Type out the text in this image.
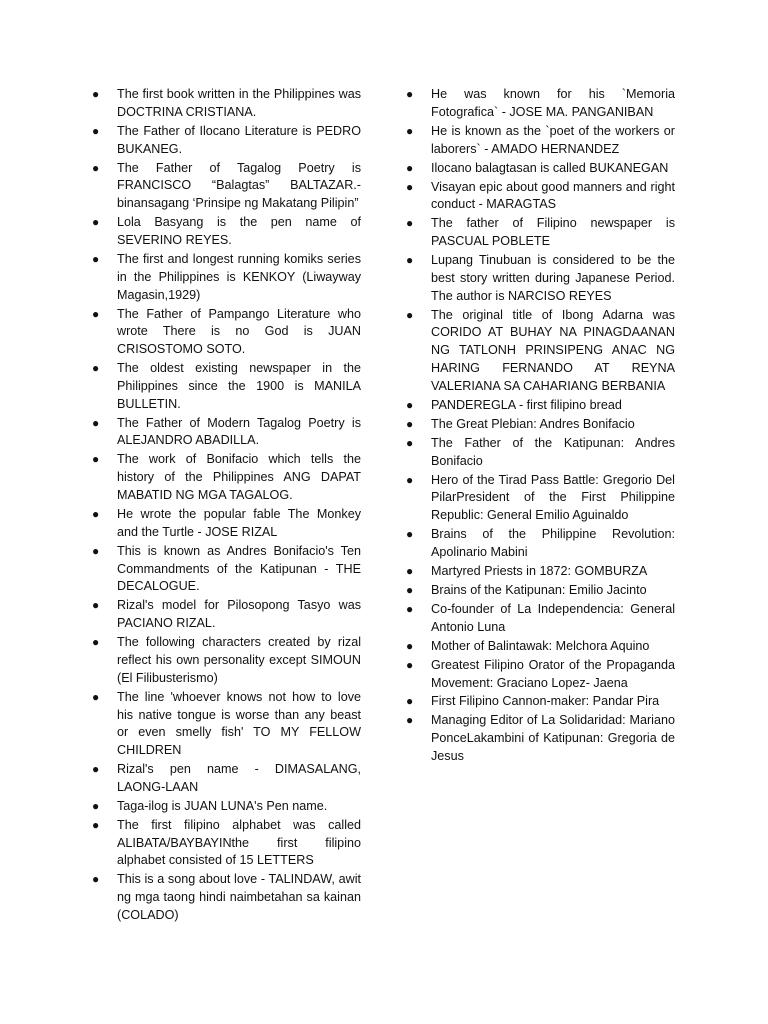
● The first book written in the Philippines was DOCTRINA CRISTIANA.
● The Father of Ilocano Literature is PEDRO BUKANEG.
● The Father of Tagalog Poetry is FRANCISCO “Balagtas” BALTAZAR.- binansagang ‘Prinsipe ng Makatang Pilipin”
● Lola Basyang is the pen name of SEVERINO REYES.
● The first and longest running komiks series in the Philippines is KENKOY (Liwayway Magasin,1929)
● The Father of Pampango Literature who wrote There is no God is JUAN CRISOSTOMO SOTO.
● The oldest existing newspaper in the Philippines since the 1900 is MANILA BULLETIN.
● The Father of Modern Tagalog Poetry is ALEJANDRO ABADILLA.
● The work of Bonifacio which tells the history of the Philippines ANG DAPAT MABATID NG MGA TAGALOG.
● He wrote the popular fable The Monkey and the Turtle - JOSE RIZAL
● This is known as Andres Bonifacio's Ten Commandments of the Katipunan - THE DECALOGUE.
● Rizal's model for Pilosopong Tasyo was PACIANO RIZAL.
● The following characters created by rizal reflect his own personality except SIMOUN (El Filibusterismo)
● The line 'whoever knows not how to love his native tongue is worse than any beast or even smelly fish' TO MY FELLOW CHILDREN
● Rizal's pen name - DIMASALANG, LAONG-LAAN
● Taga-ilog is JUAN LUNA's Pen name.
● The first filipino alphabet was called ALIBATA/BAYBAYINthe first filipino alphabet consisted of 15 LETTERS
● This is a song about love - TALINDAW, awit ng mga taong hindi naimbetahan sa kainan (COLADO)
● He was known for his `Memoria Fotografica` - JOSE MA. PANGANIBAN
● He is known as the `poet of the workers or laborers` - AMADO HERNANDEZ
● Ilocano balagtasan is called BUKANEGAN
● Visayan epic about good manners and right conduct - MARAGTAS
● The father of Filipino newspaper is PASCUAL POBLETE
● Lupang Tinubuan is considered to be the best story written during Japanese Period. The author is NARCISO REYES
● The original title of Ibong Adarna was CORIDO AT BUHAY NA PINAGDAANAN NG TATLONH PRINSIPENG ANAC NG HARING FERNANDO AT REYNA VALERIANA SA CAHARIANG BERBANIA
● PANDEREGLA - first filipino bread
● The Great Plebian: Andres Bonifacio
● The Father of the Katipunan: Andres Bonifacio
● Hero of the Tirad Pass Battle: Gregorio Del PilarPresident of the First Philippine Republic: General Emilio Aguinaldo
● Brains of the Philippine Revolution: Apolinario Mabini
● Martyred Priests in 1872: GOMBURZA
● Brains of the Katipunan: Emilio Jacinto
● Co-founder of La Independencia: General Antonio Luna
● Mother of Balintawak: Melchora Aquino
● Greatest Filipino Orator of the Propaganda Movement: Graciano Lopez- Jaena
● First Filipino Cannon-maker: Pandar Pira
● Managing Editor of La Solidaridad: Mariano PonceLakambini of Katipunan: Gregoria de Jesus
